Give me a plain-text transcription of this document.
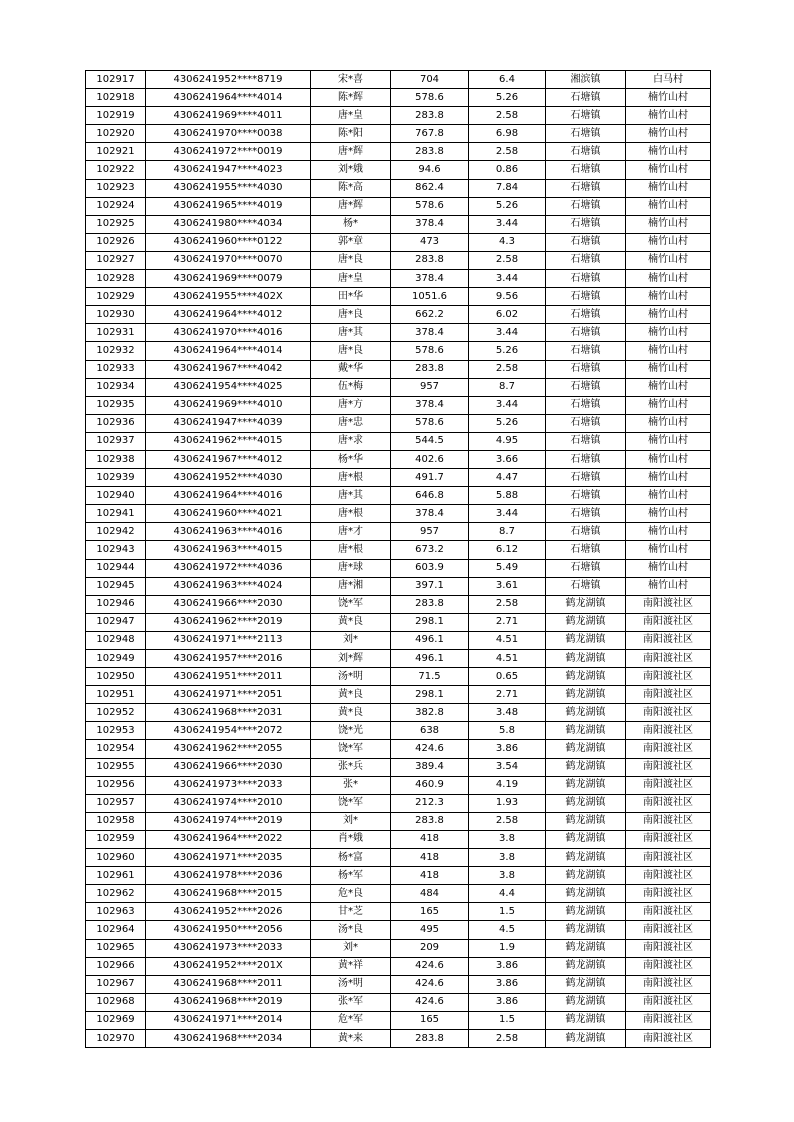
102917	4306241952****8719	宋*喜	704	6.4	湘滨镇	白马村
102918	4306241964****4014	陈*辉	578.6	5.26	石塘镇	楠竹山村
102919	4306241969****4011	唐*皇	283.8	2.58	石塘镇	楠竹山村
102920	4306241970****0038	陈*阳	767.8	6.98	石塘镇	楠竹山村
102921	4306241972****0019	唐*辉	283.8	2.58	石塘镇	楠竹山村
102922	4306241947****4023	刘*娥	94.6	0.86	石塘镇	楠竹山村
102923	4306241955****4030	陈*高	862.4	7.84	石塘镇	楠竹山村
102924	4306241965****4019	唐*辉	578.6	5.26	石塘镇	楠竹山村
102925	4306241980****4034	杨*	378.4	3.44	石塘镇	楠竹山村
102926	4306241960****0122	郭*章	473	4.3	石塘镇	楠竹山村
102927	4306241970****0070	唐*良	283.8	2.58	石塘镇	楠竹山村
102928	4306241969****0079	唐*皇	378.4	3.44	石塘镇	楠竹山村
102929	4306241955****402X	田*华	1051.6	9.56	石塘镇	楠竹山村
102930	4306241964****4012	唐*良	662.2	6.02	石塘镇	楠竹山村
102931	4306241970****4016	唐*其	378.4	3.44	石塘镇	楠竹山村
102932	4306241964****4014	唐*良	578.6	5.26	石塘镇	楠竹山村
102933	4306241967****4042	戴*华	283.8	2.58	石塘镇	楠竹山村
102934	4306241954****4025	伍*梅	957	8.7	石塘镇	楠竹山村
102935	4306241969****4010	唐*方	378.4	3.44	石塘镇	楠竹山村
102936	4306241947****4039	唐*忠	578.6	5.26	石塘镇	楠竹山村
102937	4306241962****4015	唐*求	544.5	4.95	石塘镇	楠竹山村
102938	4306241967****4012	杨*华	402.6	3.66	石塘镇	楠竹山村
102939	4306241952****4030	唐*根	491.7	4.47	石塘镇	楠竹山村
102940	4306241964****4016	唐*其	646.8	5.88	石塘镇	楠竹山村
102941	4306241960****4021	唐*根	378.4	3.44	石塘镇	楠竹山村
102942	4306241963****4016	唐*才	957	8.7	石塘镇	楠竹山村
102943	4306241963****4015	唐*根	673.2	6.12	石塘镇	楠竹山村
102944	4306241972****4036	唐*球	603.9	5.49	石塘镇	楠竹山村
102945	4306241963****4024	唐*湘	397.1	3.61	石塘镇	楠竹山村
102946	4306241966****2030	饶*军	283.8	2.58	鹤龙湖镇	南阳渡社区
102947	4306241962****2019	黄*良	298.1	2.71	鹤龙湖镇	南阳渡社区
102948	4306241971****2113	刘*	496.1	4.51	鹤龙湖镇	南阳渡社区
102949	4306241957****2016	刘*辉	496.1	4.51	鹤龙湖镇	南阳渡社区
102950	4306241951****2011	汤*明	71.5	0.65	鹤龙湖镇	南阳渡社区
102951	4306241971****2051	黄*良	298.1	2.71	鹤龙湖镇	南阳渡社区
102952	4306241968****2031	黄*良	382.8	3.48	鹤龙湖镇	南阳渡社区
102953	4306241954****2072	饶*光	638	5.8	鹤龙湖镇	南阳渡社区
102954	4306241962****2055	饶*军	424.6	3.86	鹤龙湖镇	南阳渡社区
102955	4306241966****2030	张*兵	389.4	3.54	鹤龙湖镇	南阳渡社区
102956	4306241973****2033	张*	460.9	4.19	鹤龙湖镇	南阳渡社区
102957	4306241974****2010	饶*军	212.3	1.93	鹤龙湖镇	南阳渡社区
102958	4306241974****2019	刘*	283.8	2.58	鹤龙湖镇	南阳渡社区
102959	4306241964****2022	肖*娥	418	3.8	鹤龙湖镇	南阳渡社区
102960	4306241971****2035	杨*富	418	3.8	鹤龙湖镇	南阳渡社区
102961	4306241978****2036	杨*军	418	3.8	鹤龙湖镇	南阳渡社区
102962	4306241968****2015	危*良	484	4.4	鹤龙湖镇	南阳渡社区
102963	4306241952****2026	甘*芝	165	1.5	鹤龙湖镇	南阳渡社区
102964	4306241950****2056	汤*良	495	4.5	鹤龙湖镇	南阳渡社区
102965	4306241973****2033	刘*	209	1.9	鹤龙湖镇	南阳渡社区
102966	4306241952****201X	黄*祥	424.6	3.86	鹤龙湖镇	南阳渡社区
102967	4306241968****2011	汤*明	424.6	3.86	鹤龙湖镇	南阳渡社区
102968	4306241968****2019	张*军	424.6	3.86	鹤龙湖镇	南阳渡社区
102969	4306241971****2014	危*军	165	1.5	鹤龙湖镇	南阳渡社区
102970	4306241968****2034	黄*来	283.8	2.58	鹤龙湖镇	南阳渡社区
